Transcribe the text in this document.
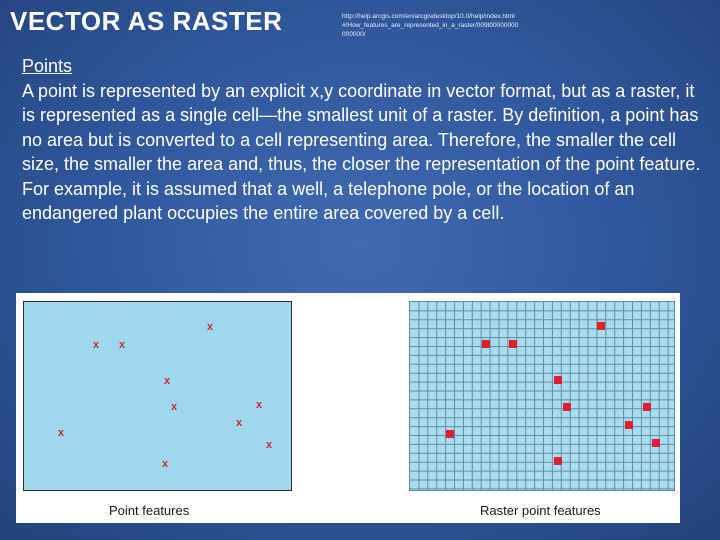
VECTOR AS RASTER	http://help.arcgis.com/en/arcgisdesktop/10.0/help/index.html#/How_features_are_represented_in_a_raster/009t00000000000000/
Points
A point is represented by an explicit x,y coordinate in vector format, but as a raster, it is represented as a single cell—the smallest unit of a raster. By definition, a point has no area but is converted to a cell representing area. Therefore, the smaller the cell size, the smaller the area and, thus, the closer the representation of the point feature. For example, it is assumed that a well, a telephone pole, or the location of an endangered plant occupies the entire area covered by a cell.
x
x x
x
x	x
x
x
x
x
Point features	Raster point features
